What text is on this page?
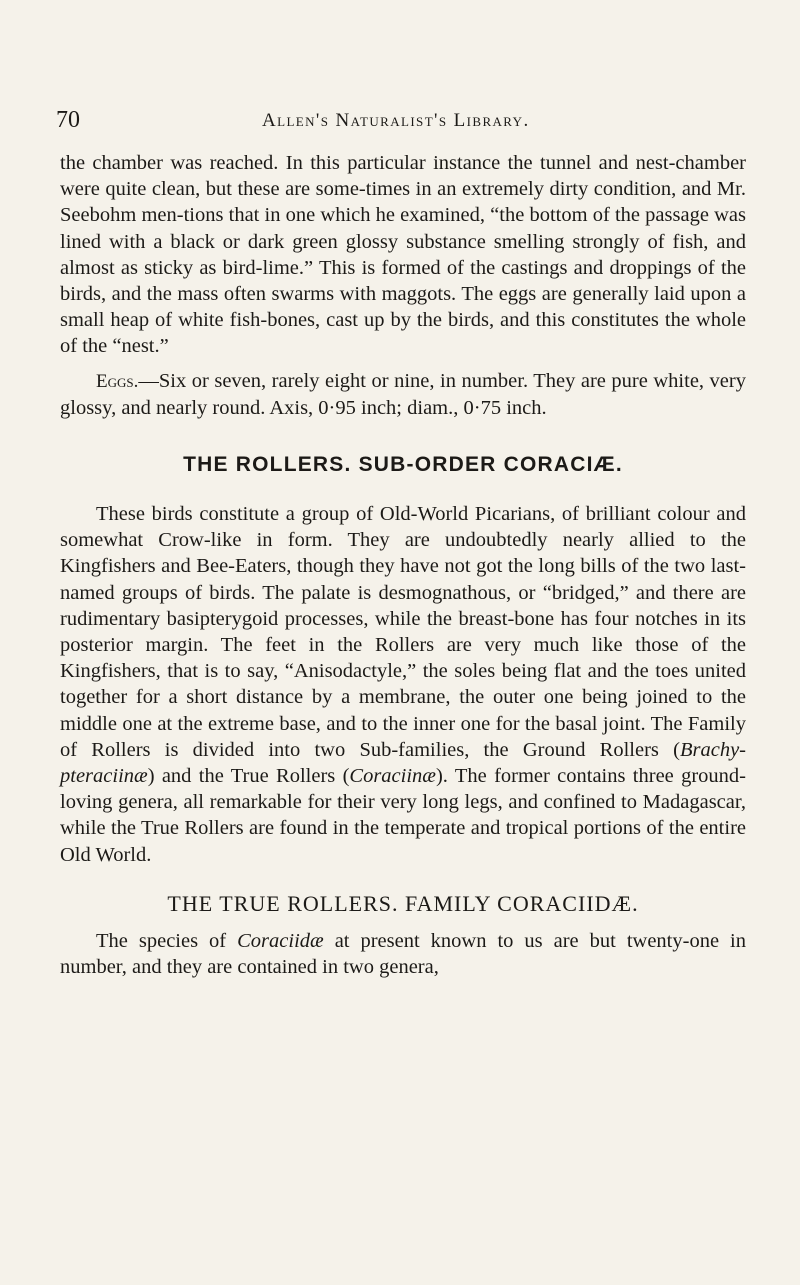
70	Allen's Naturalist's Library.

the chamber was reached. In this particular instance the tunnel and nest-chamber were quite clean, but these are some-times in an extremely dirty condition, and Mr. Seebohm men-tions that in one which he examined, “the bottom of the passage was lined with a black or dark green glossy substance smelling strongly of fish, and almost as sticky as bird-lime.” This is formed of the castings and droppings of the birds, and the mass often swarms with maggots. The eggs are generally laid upon a small heap of white fish-bones, cast up by the birds, and this constitutes the whole of the “nest.”

Eggs.—Six or seven, rarely eight or nine, in number. They are pure white, very glossy, and nearly round. Axis, 0·95 inch; diam., 0·75 inch.

THE ROLLERS. SUB-ORDER CORACIÆ.

These birds constitute a group of Old-World Picarians, of brilliant colour and somewhat Crow-like in form. They are undoubtedly nearly allied to the Kingfishers and Bee-Eaters, though they have not got the long bills of the two last-named groups of birds. The palate is desmognathous, or “bridged,” and there are rudimentary basipterygoid processes, while the breast-bone has four notches in its posterior margin. The feet in the Rollers are very much like those of the Kingfishers, that is to say, “Anisodactyle,” the soles being flat and the toes united together for a short distance by a membrane, the outer one being joined to the middle one at the extreme base, and to the inner one for the basal joint. The Family of Rollers is divided into two Sub-families, the Ground Rollers (Brachy-pteraciinæ) and the True Rollers (Coraciinæ). The former contains three ground-loving genera, all remarkable for their very long legs, and confined to Madagascar, while the True Rollers are found in the temperate and tropical portions of the entire Old World.

THE TRUE ROLLERS. FAMILY CORACIIDÆ.

The species of Coraciidæ at present known to us are but twenty-one in number, and they are contained in two genera,
